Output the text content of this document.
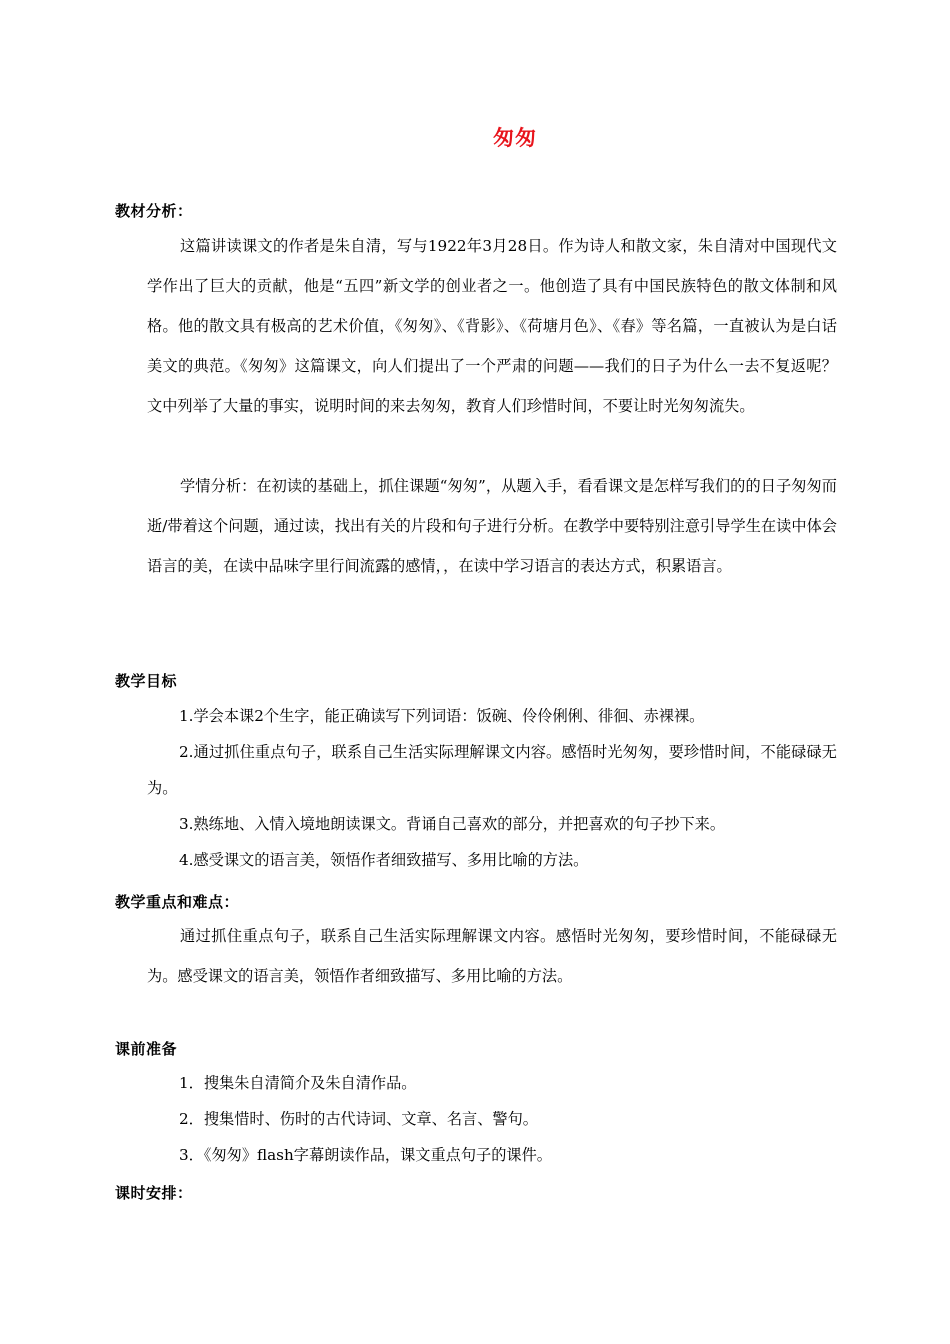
匆匆
教材分析：
这篇讲读课文的作者是朱自清，写与1922年3月28日。作为诗人和散文家，朱自清对中国现代文学作出了巨大的贡献，他是“五四”新文学的创业者之一。他创造了具有中国民族特色的散文体制和风格。他的散文具有极高的艺术价值，《匆匆》、《背影》、《荷塘月色》、《春》等名篇，一直被认为是白话美文的典范。《匆匆》这篇课文，向人们提出了一个严肃的问题——我们的日子为什么一去不复返呢？文中列举了大量的事实，说明时间的来去匆匆，教育人们珍惜时间，不要让时光匆匆流失。
学情分析：在初读的基础上，抓住课题“匆匆”，从题入手，看看课文是怎样写我们的的日子匆匆而逝/带着这个问题，通过读，找出有关的片段和句子进行分析。在教学中要特别注意引导学生在读中体会语言的美，在读中品味字里行间流露的感情，，在读中学习语言的表达方式，积累语言。
教学目标
1.学会本课2个生字，能正确读写下列词语：饭碗、伶伶俐俐、徘徊、赤裸裸。
2.通过抓住重点句子，联系自己生活实际理解课文内容。感悟时光匆匆，要珍惜时间，不能碌碌无为。
3.熟练地、入情入境地朗读课文。背诵自己喜欢的部分，并把喜欢的句子抄下来。
4.感受课文的语言美，领悟作者细致描写、多用比喻的方法。
教学重点和难点：
通过抓住重点句子，联系自己生活实际理解课文内容。感悟时光匆匆，要珍惜时间，不能碌碌无为。感受课文的语言美，领悟作者细致描写、多用比喻的方法。
课前准备
1．搜集朱自清简介及朱自清作品。
2．搜集惜时、伤时的古代诗词、文章、名言、警句。
3．《匆匆》flash字幕朗读作品，课文重点句子的课件。
课时安排：
